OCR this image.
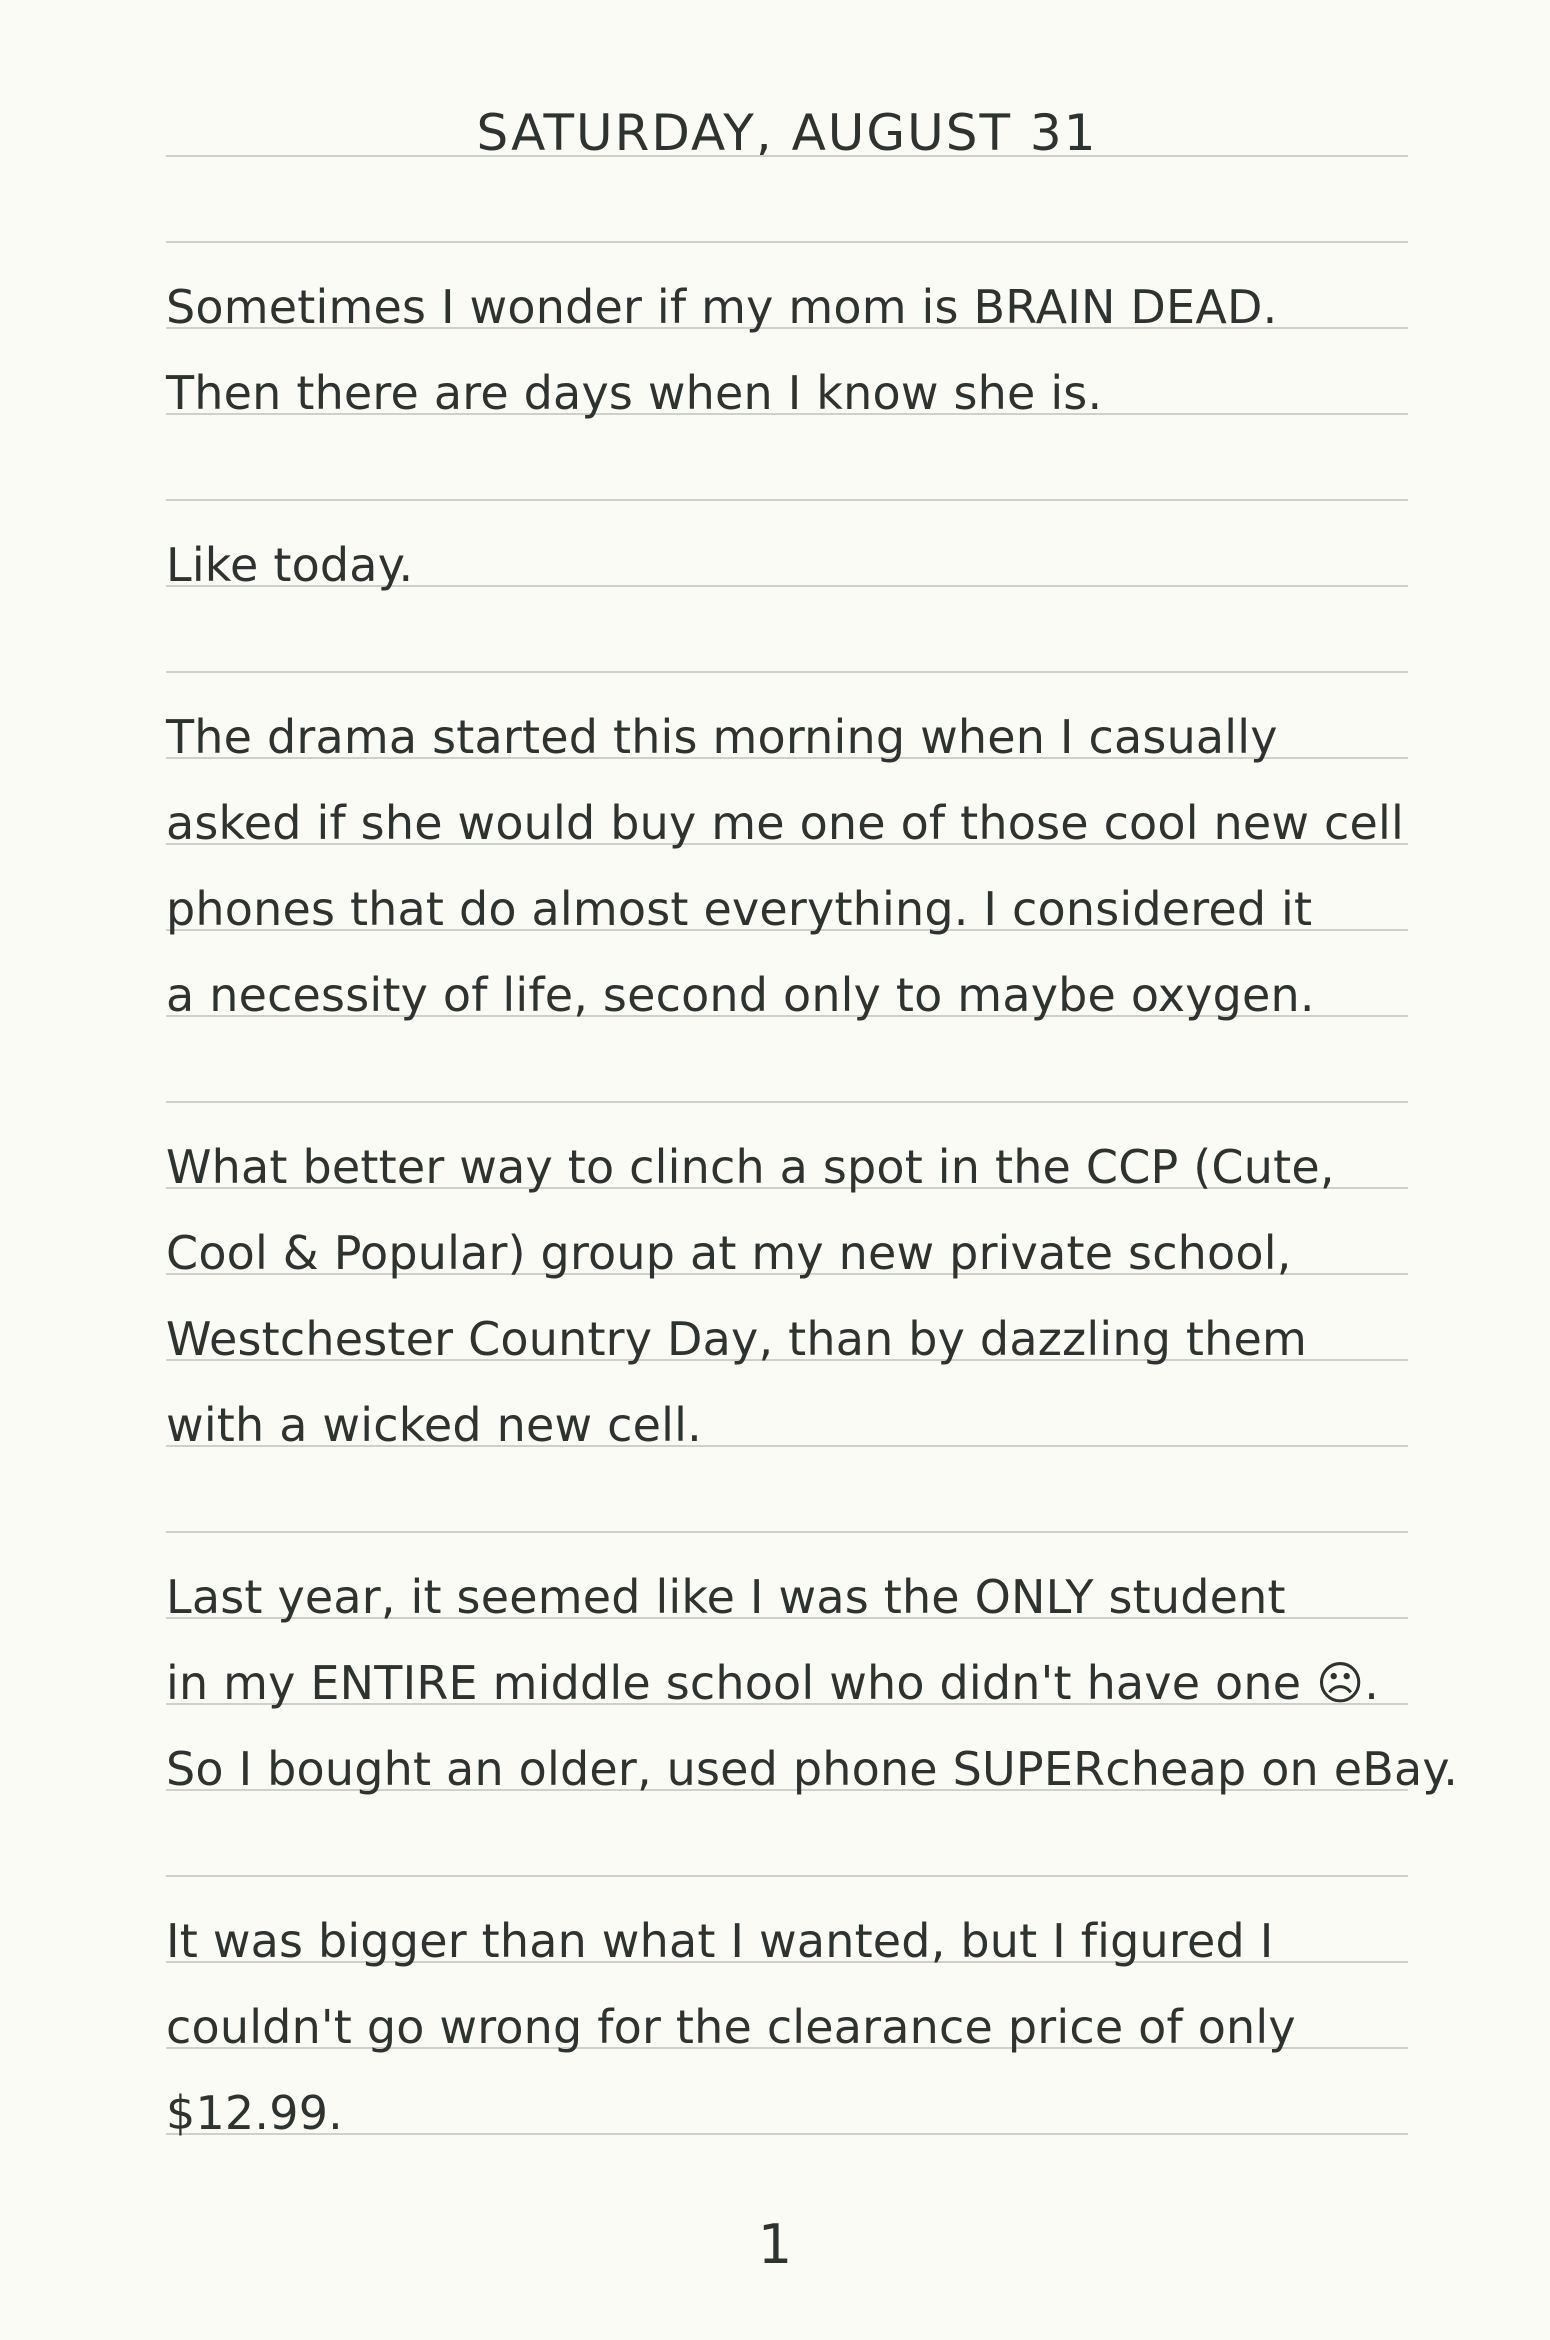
SATURDAY, AUGUST 31
Sometimes I wonder if my mom is BRAIN DEAD.
Then there are days when I know she is.
Like today.
The drama started this morning when I casually
asked if she would buy me one of those cool new cell
phones that do almost everything. I considered it
a necessity of life, second only to maybe oxygen.
What better way to clinch a spot in the CCP (Cute,
Cool & Popular) group at my new private school,
Westchester Country Day, than by dazzling them
with a wicked new cell.
Last year, it seemed like I was the ONLY student
in my ENTIRE middle school who didn't have one ☹.
So I bought an older, used phone SUPERcheap on eBay.
It was bigger than what I wanted, but I figured I
couldn't go wrong for the clearance price of only
$12.99.
1
